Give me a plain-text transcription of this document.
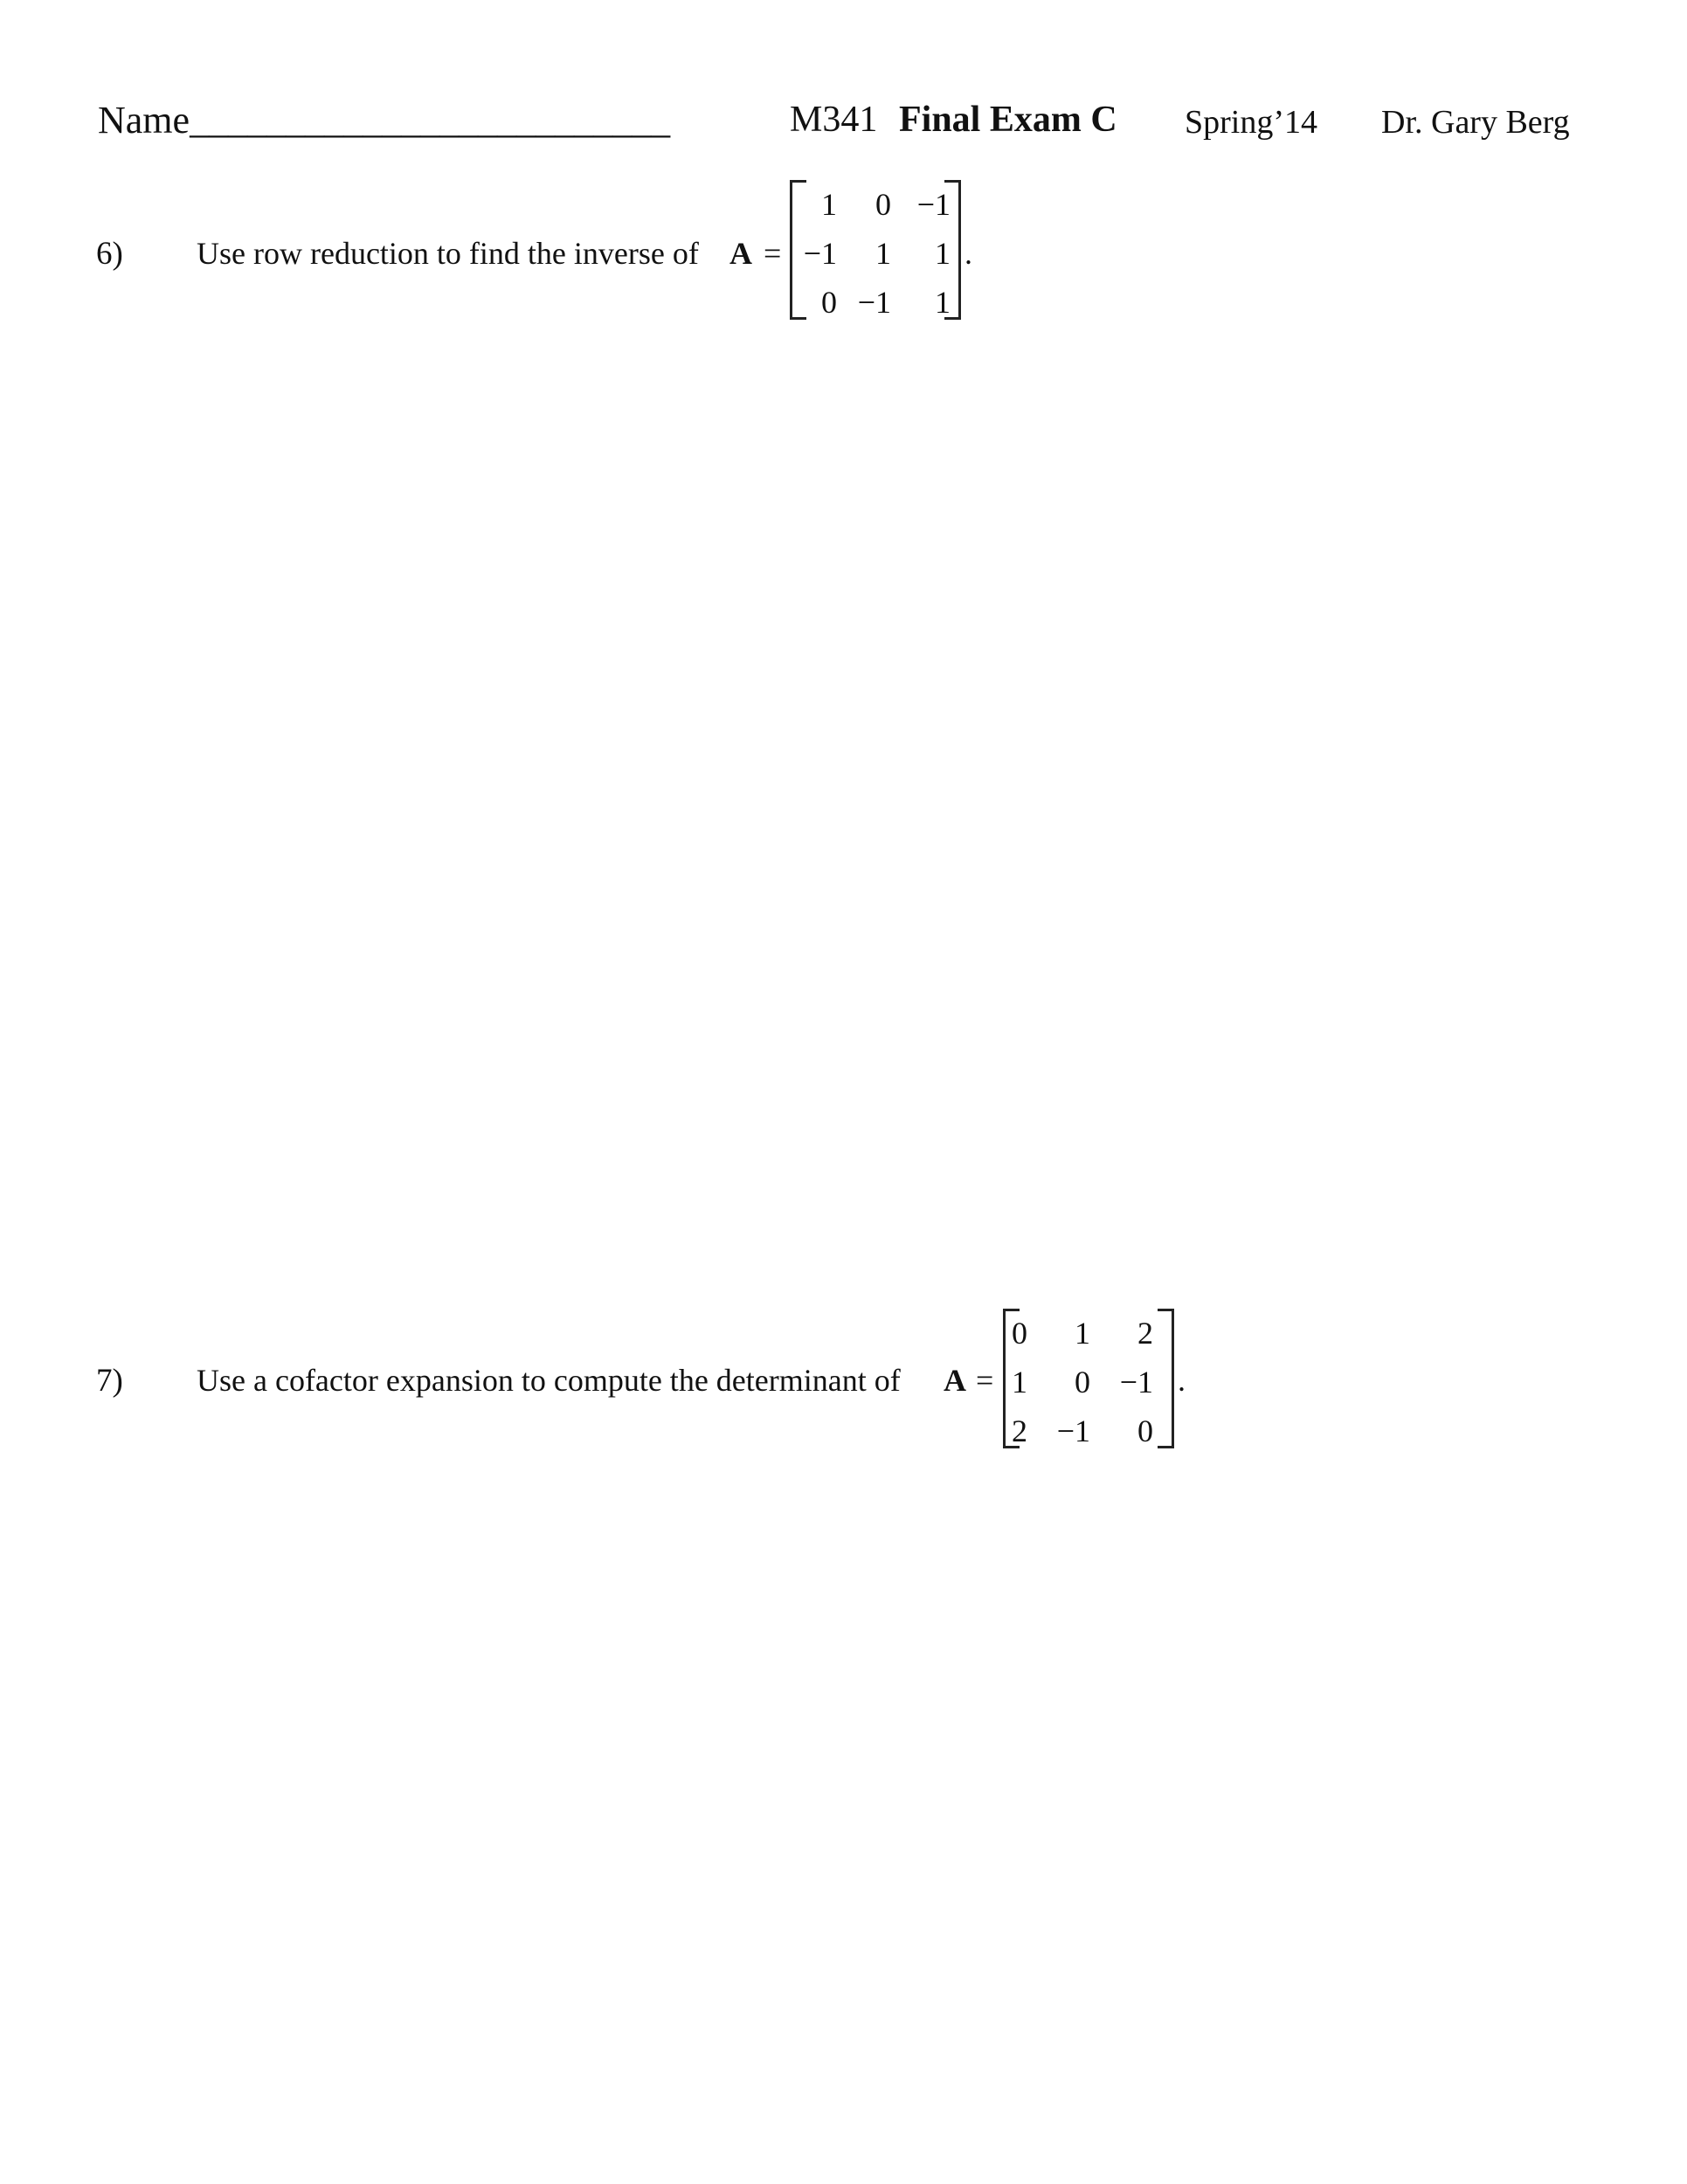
Name_________________________	M341 Final Exam C Spring’14 Dr. Gary Berg
6) Use row reduction to find the inverse of A =
1	0 −1
−1	1	1
0 −1	1
.
7) Use a cofactor expansion to compute the determinant of A =
0	1	2
1	0 −1
2 −1	0
.
